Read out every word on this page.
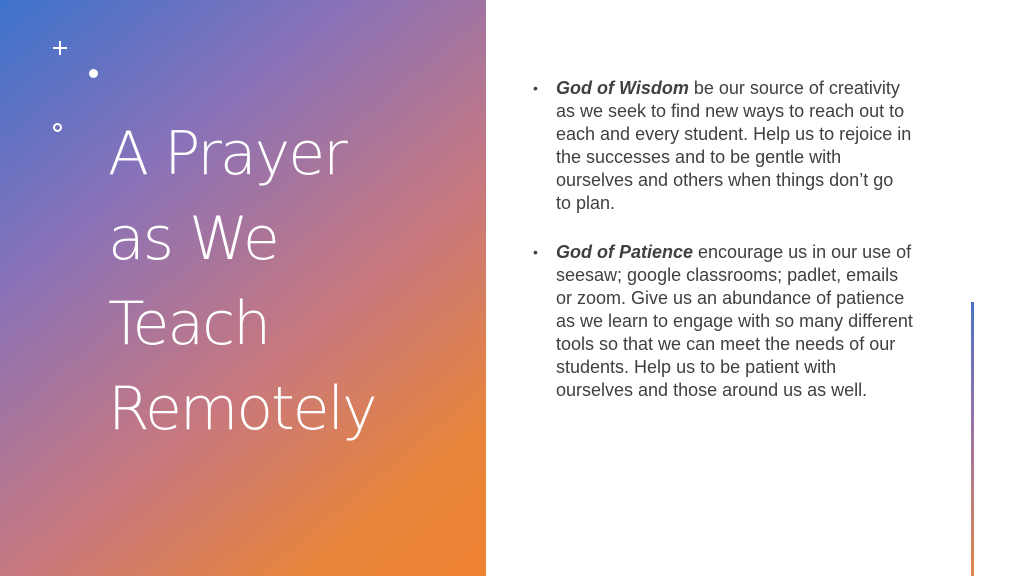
A Prayer
as We
Teach
Remotely

• God of Wisdom be our source of creativity as we seek to find new ways to reach out to each and every student. Help us to rejoice in the successes and to be gentle with ourselves and others when things don’t go to plan.

• God of Patience encourage us in our use of seesaw; google classrooms; padlet, emails or zoom. Give us an abundance of patience as we learn to engage with so many different tools so that we can meet the needs of our students. Help us to be patient with ourselves and those around us as well.
